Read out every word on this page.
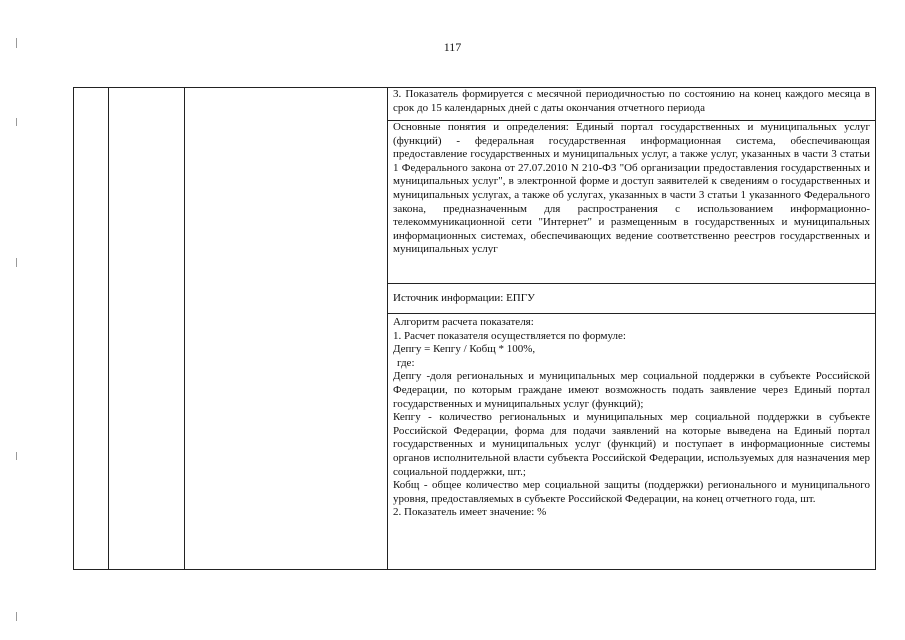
117

3. Показатель формируется с месячной периодичностью по состоянию на конец каждого месяца в срок до 15 календарных дней с даты окончания отчетного периода

Основные понятия и определения: Единый портал государственных и муниципальных услуг (функций) - федеральная государственная информационная система, обеспечивающая предоставление государственных и муниципальных услуг, а также услуг, указанных в части 3 статьи 1 Федерального закона от 27.07.2010 N 210-ФЗ "Об организации предоставления государственных и муниципальных услуг", в электронной форме и доступ заявителей к сведениям о государственных и муниципальных услугах, а также об услугах, указанных в части 3 статьи 1 указанного Федерального закона, предназначенным для распространения с использованием информационно-телекоммуникационной сети "Интернет" и размещенным в государственных и муниципальных информационных системах, обеспечивающих ведение соответственно реестров государственных и муниципальных услуг

Источник информации: ЕПГУ

Алгоритм расчета показателя:

1. Расчет показателя осуществляется по формуле:

Депгу = Кепгу / Кобщ * 100%,

где:

Депгу -доля региональных и муниципальных мер социальной поддержки в субъекте Российской Федерации, по которым граждане имеют возможность подать заявление через Единый портал государственных и муниципальных услуг (функций);

Кепгу - количество региональных и муниципальных мер социальной поддержки в субъекте Российской Федерации, форма для подачи заявлений на которые выведена на Единый портал государственных и муниципальных услуг (функций) и поступает в информационные системы органов исполнительной власти субъекта Российской Федерации, используемых для назначения мер социальной поддержки, шт.;

Кобщ - общее количество мер социальной защиты (поддержки) регионального и муниципального уровня, предоставляемых в субъекте Российской Федерации, на конец отчетного года, шт.

2. Показатель имеет значение: %
